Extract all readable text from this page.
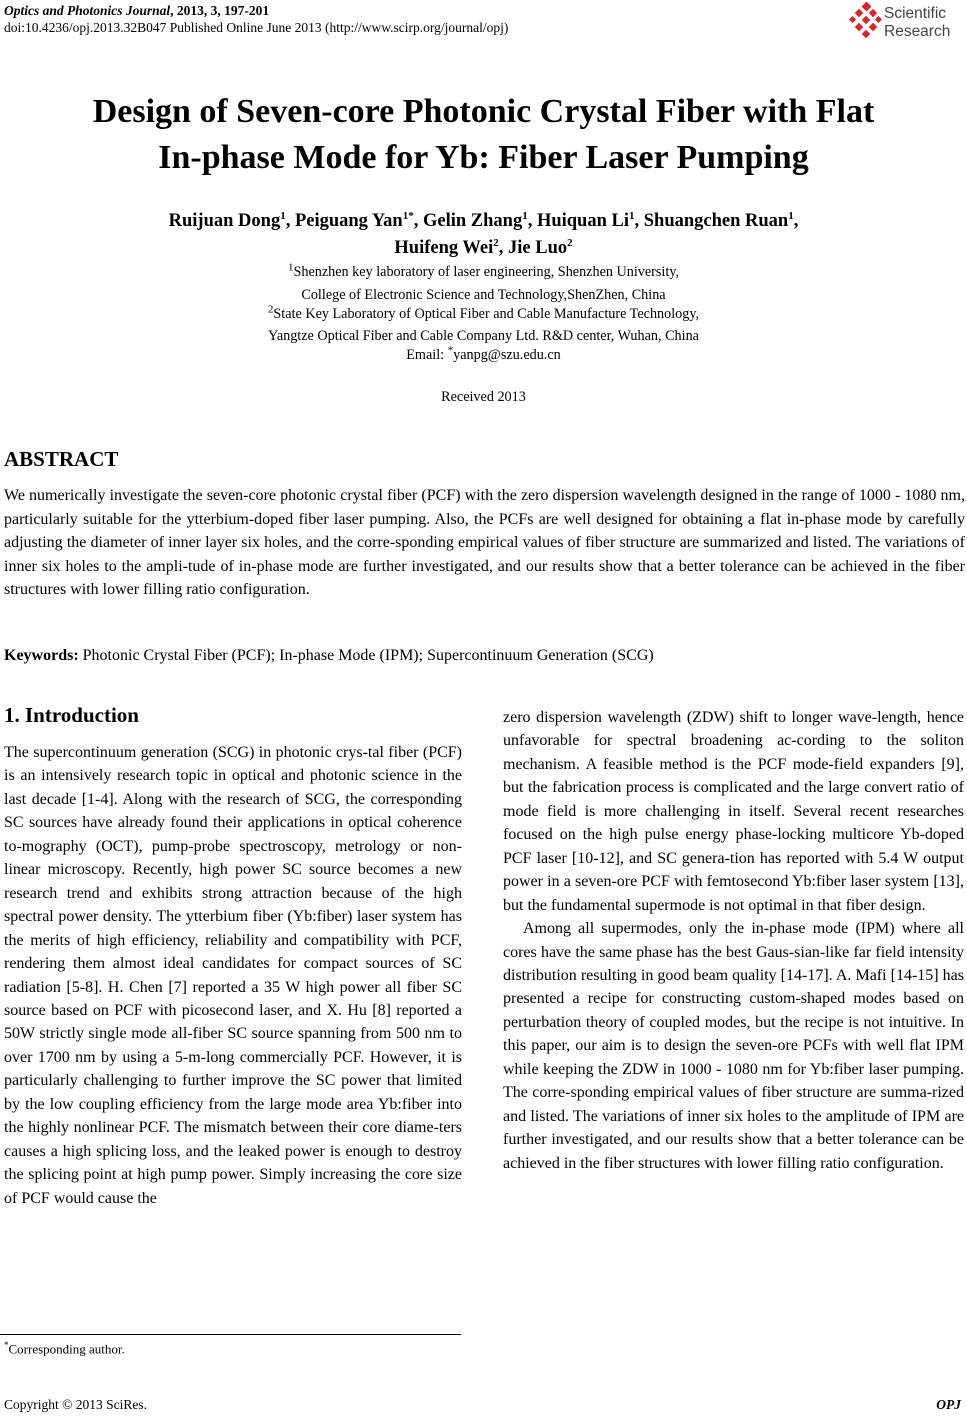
Optics and Photonics Journal, 2013, 3, 197-201
doi:10.4236/opj.2013.32B047 Published Online June 2013 (http://www.scirp.org/journal/opj)
Scientific
Research
Design of Seven-core Photonic Crystal Fiber with Flat
In-phase Mode for Yb: Fiber Laser Pumping
Ruijuan Dong$^1$, Peiguang Yan$^{1*}$, Gelin Zhang$^1$, Huiquan Li$^1$, Shuangchen Ruan$^1$,
Huifeng Wei$^2$, Jie Luo$^2$
$^1$Shenzhen key laboratory of laser engineering, Shenzhen University,
College of Electronic Science and Technology,ShenZhen, China
$^2$State Key Laboratory of Optical Fiber and Cable Manufacture Technology,
Yangtze Optical Fiber and Cable Company Ltd. R&D center, Wuhan, China
Email: *yanpg@szu.edu.cn
Received 2013
ABSTRACT

We numerically investigate the seven-core photonic crystal fiber (PCF) with the zero dispersion wavelength designed in the range of 1000 - 1080 nm, particularly suitable for the ytterbium-doped fiber laser pumping. Also, the PCFs are well designed for obtaining a flat in-phase mode by carefully adjusting the diameter of inner layer six holes, and the corre-sponding empirical values of fiber structure are summarized and listed. The variations of inner six holes to the ampli-tude of in-phase mode are further investigated, and our results show that a better tolerance can be achieved in the fiber structures with lower filling ratio configuration.

Keywords: Photonic Crystal Fiber (PCF); In-phase Mode (IPM); Supercontinuum Generation (SCG)
1. Introduction

The supercontinuum generation (SCG) in photonic crys-tal fiber (PCF) is an intensively research topic in optical and photonic science in the last decade [1-4]. Along with the research of SCG, the corresponding SC sources have already found their applications in optical coherence to-mography (OCT), pump-probe spectroscopy, metrology or non-linear microscopy. Recently, high power SC source becomes a new research trend and exhibits strong attraction because of the high spectral power density. The ytterbium fiber (Yb:fiber) laser system has the merits of high efficiency, reliability and compatibility with PCF, rendering them almost ideal candidates for compact sources of SC radiation [5-8]. H. Chen [7] reported a 35 W high power all fiber SC source based on PCF with picosecond laser, and X. Hu [8] reported a 50W strictly single mode all-fiber SC source spanning from 500 nm to over 1700 nm by using a 5-m-long commercially PCF. However, it is particularly challenging to further improve the SC power that limited by the low coupling efficiency from the large mode area Yb:fiber into the highly nonlinear PCF. The mismatch between their core diame-ters causes a high splicing loss, and the leaked power is enough to destroy the splicing point at high pump power. Simply increasing the core size of PCF would cause the

zero dispersion wavelength (ZDW) shift to longer wave-length, hence unfavorable for spectral broadening ac-cording to the soliton mechanism. A feasible method is the PCF mode-field expanders [9], but the fabrication process is complicated and the large convert ratio of mode field is more challenging in itself. Several recent researches focused on the high pulse energy phase-locking multicore Yb-doped PCF laser [10-12], and SC genera-tion has reported with 5.4 W output power in a seven-ore PCF with femtosecond Yb:fiber laser system [13], but the fundamental supermode is not optimal in that fiber design.

Among all supermodes, only the in-phase mode (IPM) where all cores have the same phase has the best Gaus-sian-like far field intensity distribution resulting in good beam quality [14-17]. A. Mafi [14-15] has presented a recipe for constructing custom-shaped modes based on perturbation theory of coupled modes, but the recipe is not intuitive. In this paper, our aim is to design the seven-ore PCFs with well flat IPM while keeping the ZDW in 1000 - 1080 nm for Yb:fiber laser pumping. The corre-sponding empirical values of fiber structure are summa-rized and listed. The variations of inner six holes to the amplitude of IPM are further investigated, and our results show that a better tolerance can be achieved in the fiber structures with lower filling ratio configuration.

*Corresponding author.
Copyright © 2013 SciRes.	OPJ
